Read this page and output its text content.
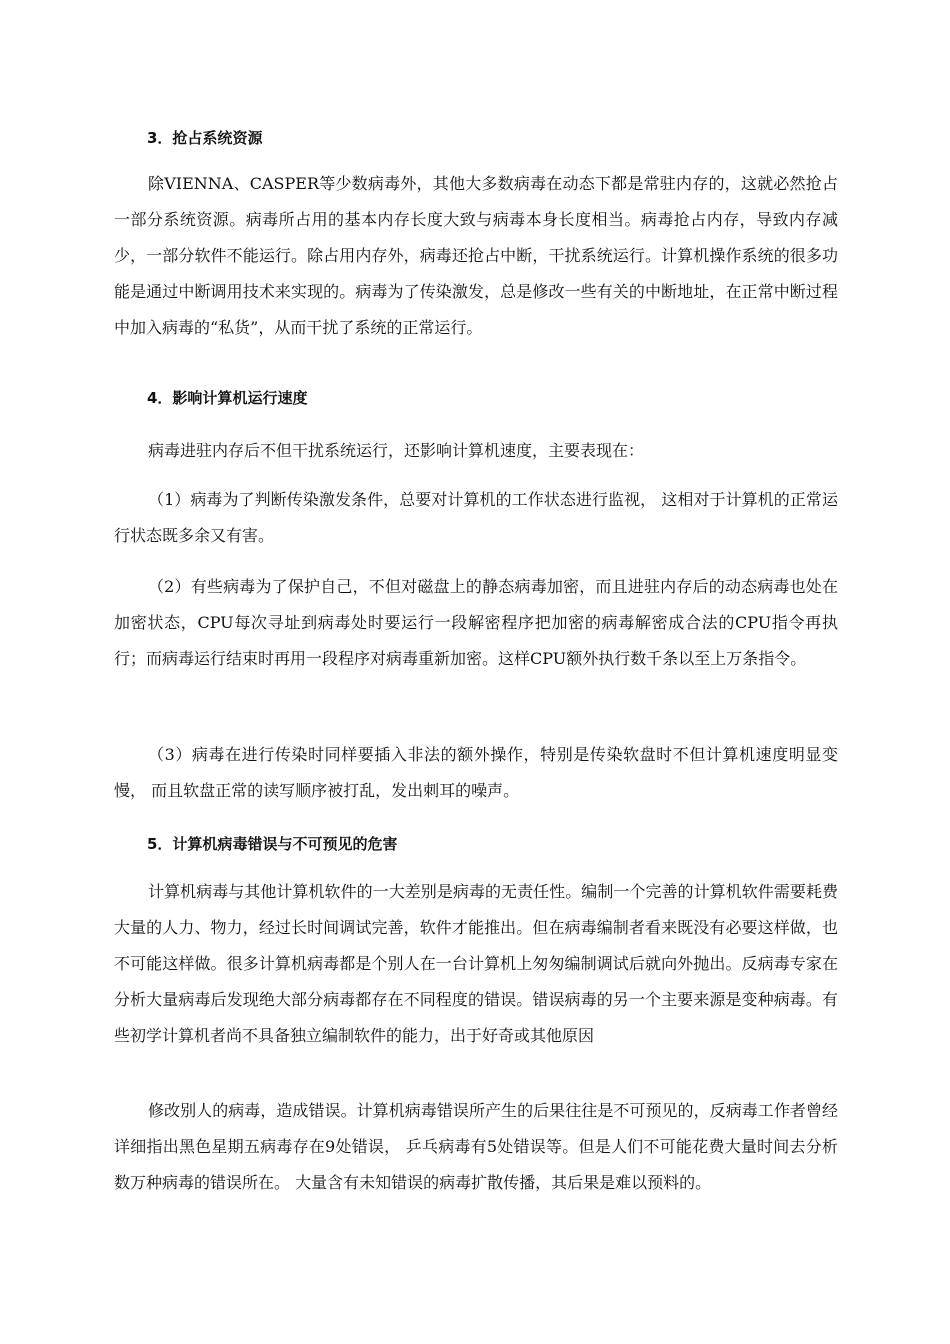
3．抢占系统资源
除VIENNA、CASPER等少数病毒外，其他大多数病毒在动态下都是常驻内存的，这就必然抢占一部分系统资源。病毒所占用的基本内存长度大致与病毒本身长度相当。病毒抢占内存，导致内存减少，一部分软件不能运行。除占用内存外，病毒还抢占中断，干扰系统运行。计算机操作系统的很多功能是通过中断调用技术来实现的。病毒为了传染激发，总是修改一些有关的中断地址，在正常中断过程中加入病毒的“私货”，从而干扰了系统的正常运行。
4．影响计算机运行速度
病毒进驻内存后不但干扰系统运行，还影响计算机速度，主要表现在：
（1）病毒为了判断传染激发条件，总要对计算机的工作状态进行监视， 这相对于计算机的正常运行状态既多余又有害。
（2）有些病毒为了保护自己，不但对磁盘上的静态病毒加密，而且进驻内存后的动态病毒也处在加密状态，CPU每次寻址到病毒处时要运行一段解密程序把加密的病毒解密成合法的CPU指令再执行；而病毒运行结束时再用一段程序对病毒重新加密。这样CPU额外执行数千条以至上万条指令。
（3）病毒在进行传染时同样要插入非法的额外操作，特别是传染软盘时不但计算机速度明显变慢， 而且软盘正常的读写顺序被打乱，发出刺耳的噪声。
5．计算机病毒错误与不可预见的危害
计算机病毒与其他计算机软件的一大差别是病毒的无责任性。编制一个完善的计算机软件需要耗费大量的人力、物力，经过长时间调试完善，软件才能推出。但在病毒编制者看来既没有必要这样做，也不可能这样做。很多计算机病毒都是个别人在一台计算机上匆匆编制调试后就向外抛出。反病毒专家在分析大量病毒后发现绝大部分病毒都存在不同程度的错误。错误病毒的另一个主要来源是变种病毒。有些初学计算机者尚不具备独立编制软件的能力，出于好奇或其他原因
修改别人的病毒，造成错误。计算机病毒错误所产生的后果往往是不可预见的，反病毒工作者曾经详细指出黑色星期五病毒存在9处错误， 乒乓病毒有5处错误等。但是人们不可能花费大量时间去分析数万种病毒的错误所在。 大量含有未知错误的病毒扩散传播，其后果是难以预料的。
